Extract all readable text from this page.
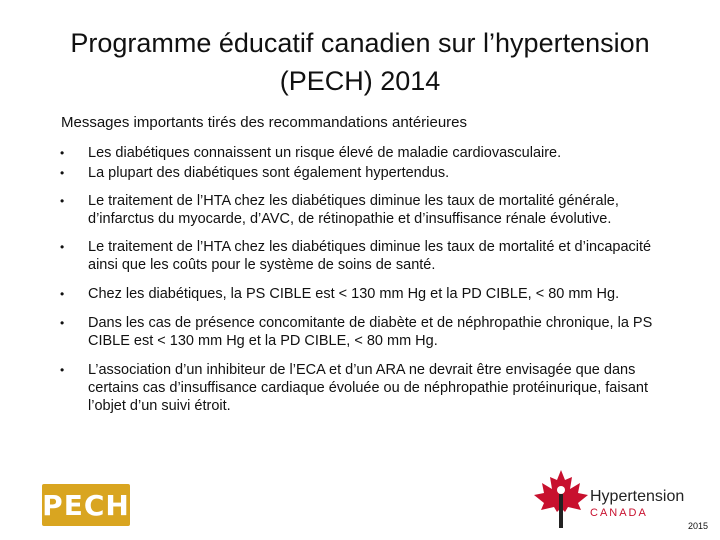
Programme éducatif canadien sur l’hypertension
(PECH) 2014
Messages importants tirés des recommandations antérieures
• Les diabétiques connaissent un risque élevé de maladie cardiovasculaire.
• La plupart des diabétiques sont également hypertendus.
• Le traitement de l’HTA chez les diabétiques diminue les taux de mortalité générale, d’infarctus du myocarde, d’AVC, de rétinopathie et d’insuffisance rénale évolutive.
• Le traitement de l’HTA chez les diabétiques diminue les taux de mortalité et d’incapacité ainsi que les coûts pour le système de soins de santé.
• Chez les diabétiques, la PS CIBLE est < 130 mm Hg et la PD CIBLE, < 80 mm Hg.
• Dans les cas de présence concomitante de diabète et de néphropathie chronique, la PS CIBLE est < 130 mm Hg et la PD CIBLE, < 80 mm Hg.
• L’association d’un inhibiteur de l’ECA et d’un ARA ne devrait être envisagée que dans certains cas d’insuffisance cardiaque évoluée ou de néphropathie protéinurique, faisant l’objet d’un suivi étroit.
PECH	Hypertension
CANADA
2015
